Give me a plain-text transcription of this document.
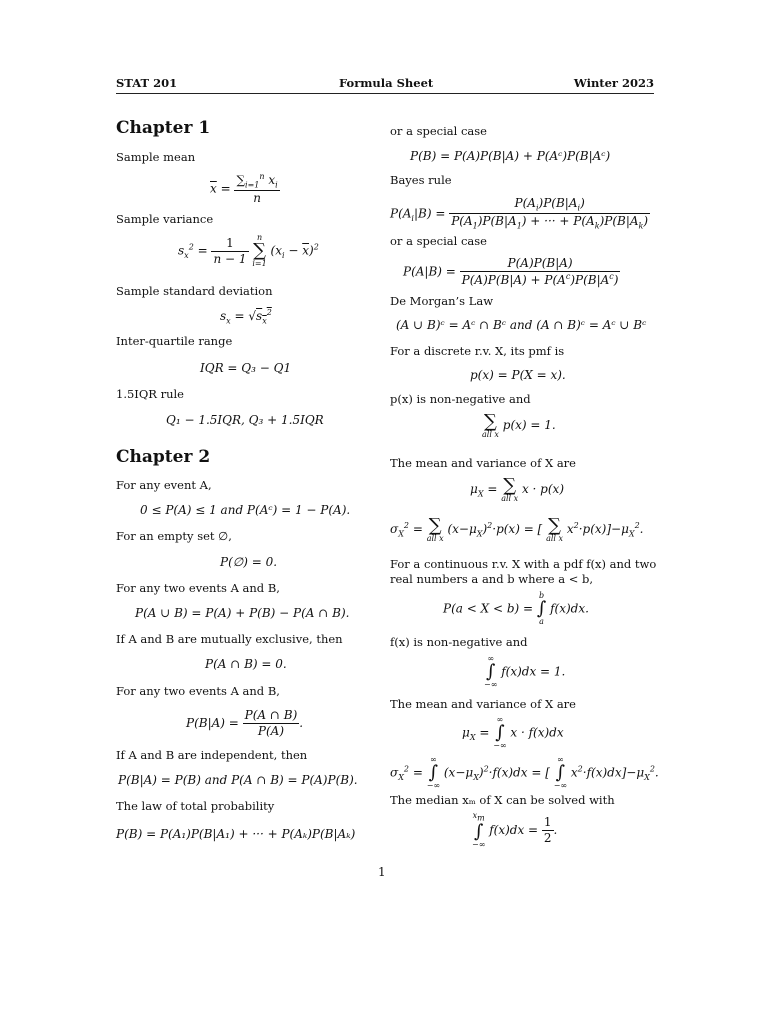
STAT 201	Formula Sheet	Winter 2023
Chapter 1
Sample mean
$\overline{x} = \frac{\sum_{i=1}^n x_i}{n}$
Sample variance
$s_x^2 = \frac{1}{n - 1}$
	n
∑
i=1
$(x_i - \overline{x})^2$
Sample standard deviation
$s_x = √s_x^2$
Inter-quartile range
IQR = Q₃ − Q1
1.5IQR rule
Q₁ − 1.5IQR, Q₃ + 1.5IQR
Chapter 2
For any event A,
0 ≤ P(A) ≤ 1 and P(Aᶜ) = 1 − P(A).
For an empty set ∅,
P(∅) = 0.
For any two events A and B,
P(A ∪ B) = P(A) + P(B) − P(A ∩ B).
If A and B are mutually exclusive, then
P(A ∩ B) = 0.
For any two events A and B,
$P(B|A) = \frac{P(A \cap B)}{P(A)}$ .
If A and B are independent, then
P(B|A) = P(B) and P(A ∩ B) = P(A)P(B).
The law of total probability
P(B) = P(A₁)P(B|A₁) + ··· + P(Aₖ)P(B|Aₖ)
or a special case
P(B) = P(A)P(B|A) + P(Aᶜ)P(B|Aᶜ)
Bayes rule
$P(A_i|B) = \frac{P(A_i)P(B|A_i)}{P(A_1)P(B|A_1) + \cdot\cdot\cdot + P(A_k)P(B|A_k)}$
or a special case
$P(A|B) = \frac{P(A)P(B|A)}{P(A)P(B|A) + P(A^c)P(B|A^c)}$
De Morgan’s Law
(A ∪ B)ᶜ = Aᶜ ∩ Bᶜ and (A ∩ B)ᶜ = Aᶜ ∪ Bᶜ
For a discrete r.v. X, its pmf is
p(x) = P(X = x).
p(x) is non-negative and

∑
all x
p(x) = 1.
The mean and variance of X are
$\mu_X$ =
∑
all x
x · p(x)
$\sigma_X^2$ =
∑
all x
$(x-\mu_X)^2\cdot p(x)$ = [
∑
all x
$x^2\cdot p(x)]-\mu_X^2$.
For a continuous r.v. X with a pdf f(x) and two
real numbers a and b where a < b,
P(a < X < b) =
b
∫
a
f(x)dx.
f(x) is non-negative and
∞
∫
−∞
f(x)dx = 1.
The mean and variance of X are
$\mu_X$ =
∞
∫
−∞
x · f(x)dx
$\sigma_X^2$ =
∞
∫
−∞
$(x-\mu_X)^2\cdot f(x)dx$ = [
∞
∫
−∞
$x^2\cdot f(x)dx]-\mu_X^2$.
The median xₘ of X can be solved with
$x_m$
∫
−∞
$f(x)dx = \frac{1}{2}$ .
1
